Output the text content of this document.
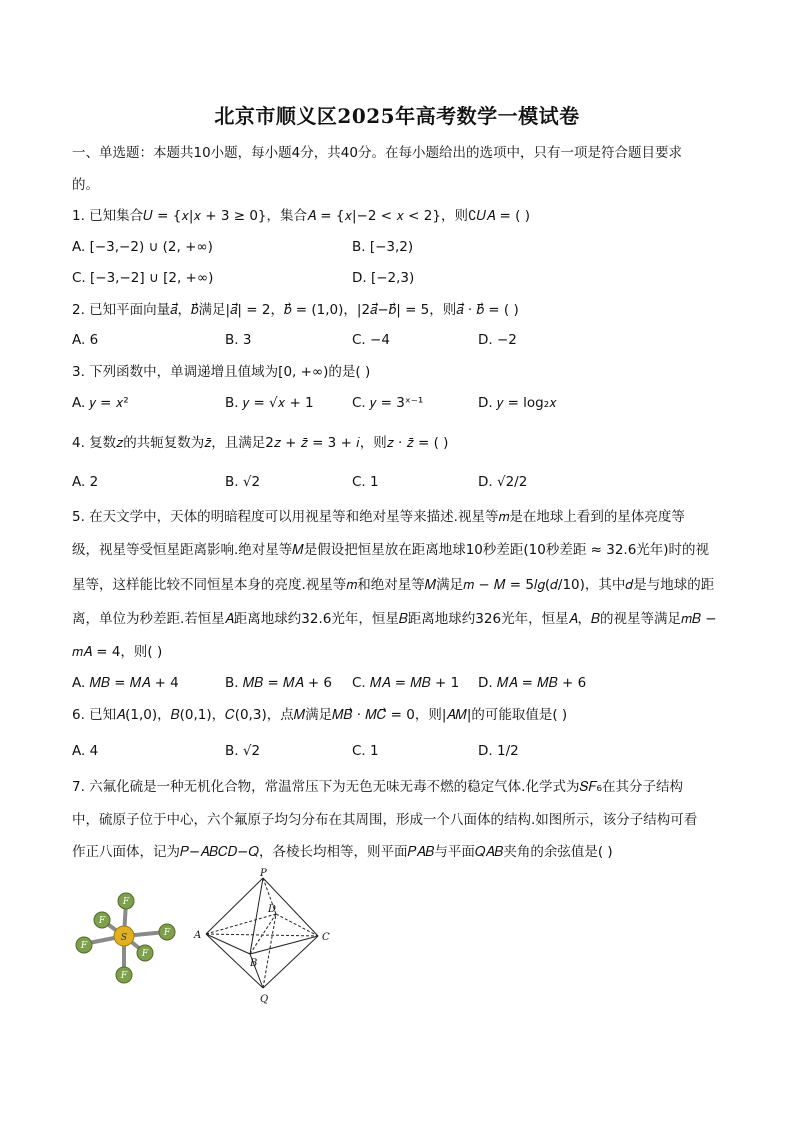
北京市顺义区2025年高考数学一模试卷
一、单选题：本题共10小题，每小题4分，共40分。在每小题给出的选项中，只有一项是符合题目要求
的。
1. 已知集合𝑈 = {𝑥|𝑥 + 3 ≥ 0}，集合𝐴 = {𝑥|−2 < 𝑥 < 2}，则∁𝑈𝐴 = ( )
A. [−3,−2) ∪ (2, +∞)	B. [−3,2)
C. [−3,−2] ∪ [2, +∞)	D. [−2,3)
2. 已知平面向量𝑎⃗，𝑏⃗满足|𝑎⃗| = 2，𝑏⃗ = (1,0)，|2𝑎⃗−𝑏⃗| = 5，则𝑎⃗ · 𝑏⃗ = ( )
A. 6	B. 3	C. −4	D. −2
3. 下列函数中，单调递增且值域为[0, +∞)的是( )
A. 𝑦 = 𝑥²	B. 𝑦 = √𝑥 + 1	C. 𝑦 = 3ˣ⁻¹	D. 𝑦 = log₂𝑥
4. 复数𝑧的共轭复数为𝑧̄，且满足2𝑧 + 𝑧̄ = 3 + 𝑖，则𝑧 · 𝑧̄ = ( )
A. 2	B. √2	C. 1	D. √2/2
5. 在天文学中，天体的明暗程度可以用视星等和绝对星等来描述.视星等𝑚是在地球上看到的星体亮度等
级，视星等受恒星距离影响.绝对星等𝑀是假设把恒星放在距离地球10秒差距(10秒差距 ≈ 32.6光年)时的视
星等，这样能比较不同恒星本身的亮度.视星等𝑚和绝对星等𝑀满足𝑚 − 𝑀 = 5𝑙𝑔(𝑑/10)，其中𝑑是与地球的距
离，单位为秒差距.若恒星𝐴距离地球约32.6光年，恒星𝐵距离地球约326光年，恒星𝐴，𝐵的视星等满足𝑚𝐵 −
𝑚𝐴 = 4，则( )
A. 𝑀𝐵 = 𝑀𝐴 + 4	B. 𝑀𝐵 = 𝑀𝐴 + 6 C. 𝑀𝐴 = 𝑀𝐵 + 1 D. 𝑀𝐴 = 𝑀𝐵 + 6
6. 已知𝐴(1,0)，𝐵(0,1)，𝐶(0,3)，点𝑀满足𝑀𝐵⃗ · 𝑀𝐶⃗ = 0，则|𝐴𝑀|的可能取值是( )
A. 4	B. √2	C. 1	D. 1/2
7. 六氟化硫是一种无机化合物，常温常压下为无色无味无毒不燃的稳定气体.化学式为𝑆𝐹₆在其分子结构
中，硫原子位于中心，六个氟原子均匀分布在其周围，形成一个八面体的结构.如图所示，该分子结构可看
作正八面体，记为𝑃−𝐴𝐵𝐶𝐷−𝑄，各棱长均相等，则平面𝑃𝐴𝐵与平面𝑄𝐴𝐵夹角的余弦值是( )
S
F
F
F
F
F
F
P
D
A	C
B
Q
